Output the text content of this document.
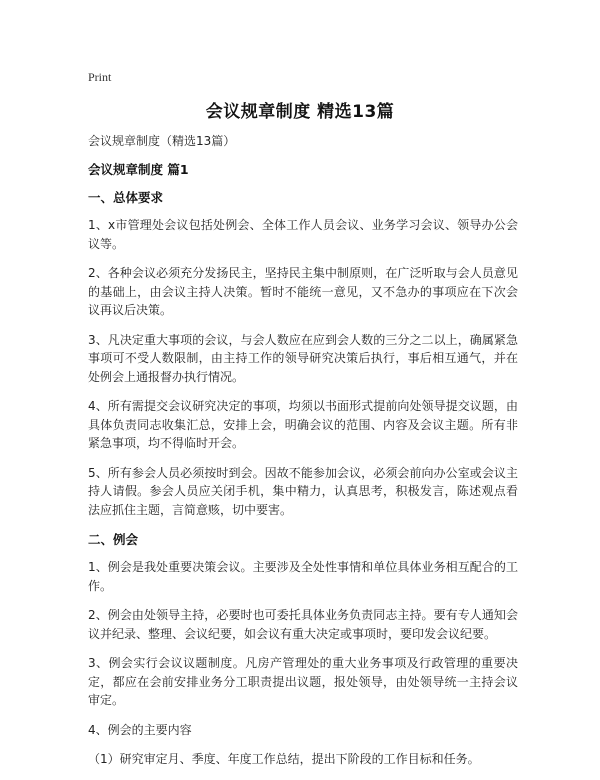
Print
会议规章制度 精选13篇
会议规章制度（精选13篇）
会议规章制度 篇1
一、总体要求
1、x市管理处会议包括处例会、全体工作人员会议、业务学习会议、领导办公会议等。
2、各种会议必须充分发扬民主，坚持民主集中制原则，在广泛听取与会人员意见的基础上，由会议主持人决策。暂时不能统一意见，又不急办的事项应在下次会议再议后决策。
3、凡决定重大事项的会议，与会人数应在应到会人数的三分之二以上，确属紧急事项可不受人数限制，由主持工作的领导研究决策后执行，事后相互通气，并在处例会上通报督办执行情况。
4、所有需提交会议研究决定的事项，均须以书面形式提前向处领导提交议题，由具体负责同志收集汇总，安排上会，明确会议的范围、内容及会议主题。所有非紧急事项，均不得临时开会。
5、所有参会人员必须按时到会。因故不能参加会议，必须会前向办公室或会议主持人请假。参会人员应关闭手机，集中精力，认真思考，积极发言，陈述观点看法应抓住主题，言简意赅，切中要害。
二、例会
1、例会是我处重要决策会议。主要涉及全处性事情和单位具体业务相互配合的工作。
2、例会由处领导主持，必要时也可委托具体业务负责同志主持。要有专人通知会议并纪录、整理、会议纪要，如会议有重大决定或事项时，要印发会议纪要。
3、例会实行会议议题制度。凡房产管理处的重大业务事项及行政管理的重要决定，都应在会前安排业务分工职责提出议题，报处领导，由处领导统一主持会议审定。
4、例会的主要内容
（1）研究审定月、季度、年度工作总结，提出下阶段的工作目标和任务。
